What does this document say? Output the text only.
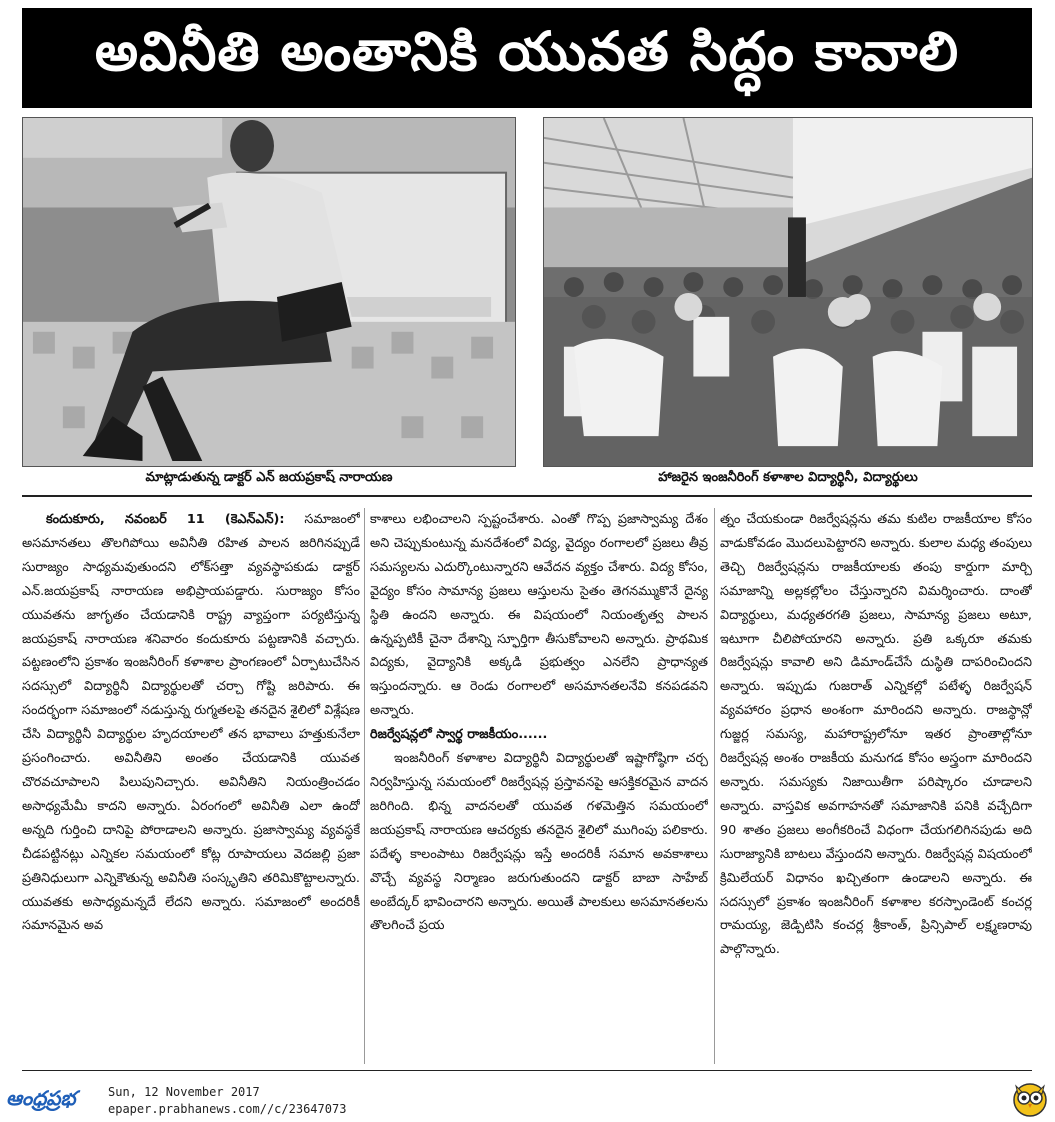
అవినీతి అంతానికి యువత సిద్ధం కావాలి
మాట్లాడుతున్న డాక్టర్ ఎన్ జయప్రకాష్ నారాయణ	హాజరైన ఇంజనీరింగ్ కళాశాల విద్యార్థినీ, విద్యార్థులు

కందుకూరు, నవంబర్ 11 (కెఎన్ఎన్): సమాజంలో అసమానతలు తొలగిపోయి అవినీతి రహిత పాలన జరిగినప్పుడే సురాజ్యం సాధ్యమవుతుందని లోక్‌సత్తా వ్యవస్థాపకుడు డాక్టర్ ఎన్.జయప్రకాష్ నారాయణ అభిప్రాయపడ్డారు. సురాజ్యం కోసం యువతను జాగృతం చేయడానికి రాష్ట్ర వ్యాప్తంగా పర్యటిస్తున్న జయప్రకాష్ నారాయణ శనివారం కందుకూరు పట్టణానికి వచ్చారు. పట్టణంలోని ప్రకాశం ఇంజనీరింగ్ కళాశాల ప్రాంగణంలో ఏర్పాటుచేసిన సదస్సులో విద్యార్థినీ విద్యార్థులతో చర్చా గోష్టి జరిపారు. ఈ సందర్భంగా సమాజంలో నడుస్తున్న రుగ్మతలపై తనదైన శైలిలో విశ్లేషణ చేసి విద్యార్థినీ విద్యార్థుల హృదయాలలో తన భావాలు హత్తుకునేలా ప్రసంగించారు. అవినీతిని అంతం చేయడానికి యువత చొరవచూపాలని పిలుపునిచ్చారు. అవినీతిని నియంత్రించడం అసాధ్యమేమీ కాదని అన్నారు. ఏరంగంలో అవినీతి ఎలా ఉందో అన్నది గుర్తించి దానిపై పోరాడాలని అన్నారు. ప్రజాస్వామ్య వ్యవస్థకే చీడపట్టినట్లు ఎన్నికల సమయంలో కోట్ల రూపాయలు వెదజల్లి ప్రజా ప్రతినిధులుగా ఎన్నికౌతున్న అవినీతి సంస్కృతిని తరిమికొట్టాలన్నారు. యువతకు అసాధ్యమన్నదే లేదని అన్నారు. సమాజంలో అందరికీ సమానమైన అవ

కాశాలు లభించాలని స్పష్టంచేశారు. ఎంతో గొప్ప ప్రజాస్వామ్య దేశం అని చెప్పుకుంటున్న మనదేశంలో విద్య, వైద్యం రంగాలలో ప్రజలు తీవ్ర సమస్యలను ఎదుర్కొంటున్నారని ఆవేదన వ్యక్తం చేశారు. విద్య కోసం, వైద్యం కోసం సామాన్య ప్రజలు ఆస్తులను సైతం తెగనమ్ముకొనే దైన్య స్థితి ఉందని అన్నారు. ఈ విషయంలో నియంతృత్వ పాలన ఉన్నప్పటికీ చైనా దేశాన్ని స్ఫూర్తిగా తీసుకోవాలని అన్నారు. ప్రాథమిక విద్యకు, వైద్యానికి అక్కడి ప్రభుత్వం ఎనలేని ప్రాధాన్యత ఇస్తుందన్నారు. ఆ రెండు రంగాలలో అసమానతలనేవి కనపడవని అన్నారు.

రిజర్వేషన్లలో స్వార్థ రాజకీయం......

ఇంజనీరింగ్ కళాశాల విద్యార్థినీ విద్యార్థులతో ఇష్టాగోష్ఠిగా చర్చ నిర్వహిస్తున్న సమయంలో రిజర్వేషన్ల ప్రస్తావనపై ఆసక్తికరమైన వాదన జరిగింది. భిన్న వాదనలతో యువత గళమెత్తిన సమయంలో జయప్రకాష్ నారాయణ ఆచర్యకు తనదైన శైలిలో ముగింపు పలికారు. పదేళ్ళ కాలంపాటు రిజర్వేషన్లు ఇస్తే అందరికీ సమాన అవకాశాలు వొచ్చే వ్యవస్థ నిర్మాణం జరుగుతుందని డాక్టర్ బాబా సాహేబ్ అంబేద్కర్ భావించారని అన్నారు. అయితే పాలకులు అసమానతలను తొలగించే ప్రయ

త్నం చేయకుండా రిజర్వేషన్లను తమ కుటిల రాజకీయాల కోసం వాడుకోవడం మొదలుపెట్టారని అన్నారు. కులాల మధ్య తంపులు తెచ్చి రిజర్వేషన్లను రాజకీయాలకు తంపు కార్డుగా మార్చి సమాజాన్ని అల్లకల్లోలం చేస్తున్నారని విమర్శించారు. దాంతో విద్యార్థులు, మధ్యతరగతి ప్రజలు, సామాన్య ప్రజలు అటూ, ఇటూగా చీలిపోయారని అన్నారు. ప్రతి ఒక్కరూ తమకు రిజర్వేషన్లు కావాలి అని డిమాండ్‌చేసే దుస్థితి దాపరించిందని అన్నారు. ఇప్పుడు గుజరాత్ ఎన్నికల్లో పటేళ్ళ రిజర్వేషన్ వ్యవహారం ప్రధాన అంశంగా మారిందని అన్నారు. రాజస్థాన్లో గుజ్జర్ల సమస్య, మహారాష్ట్రలోనూ ఇతర ప్రాంతాల్లోనూ రిజర్వేషన్ల అంశం రాజకీయ మనుగడ కోసం అస్త్రంగా మారిందని అన్నారు. సమస్యకు నిజాయితీగా పరిష్కారం చూడాలని అన్నారు. వాస్తవిక అవగాహనతో సమాజానికి పనికి వచ్చేదిగా 90 శాతం ప్రజలు అంగీకరించే విధంగా చేయగలిగినపుడు అది సురాజ్యానికి బాటలు వేస్తుందని అన్నారు. రిజర్వేషన్ల విషయంలో క్రిమిలేయర్ విధానం ఖచ్చితంగా ఉండాలని అన్నారు. ఈ సదస్సులో ప్రకాశం ఇంజనీరింగ్ కళాశాల కరస్పాండెంట్ కంచర్ల రామయ్య, జెడ్పిటిసి కంచర్ల శ్రీకాంత్, ప్రిన్సిపాల్ లక్ష్మణరావు పాల్గొన్నారు.

ఆంధ్రప్రభ	Sun, 12 November 2017
epaper.prabhanews.com//c/23647073
